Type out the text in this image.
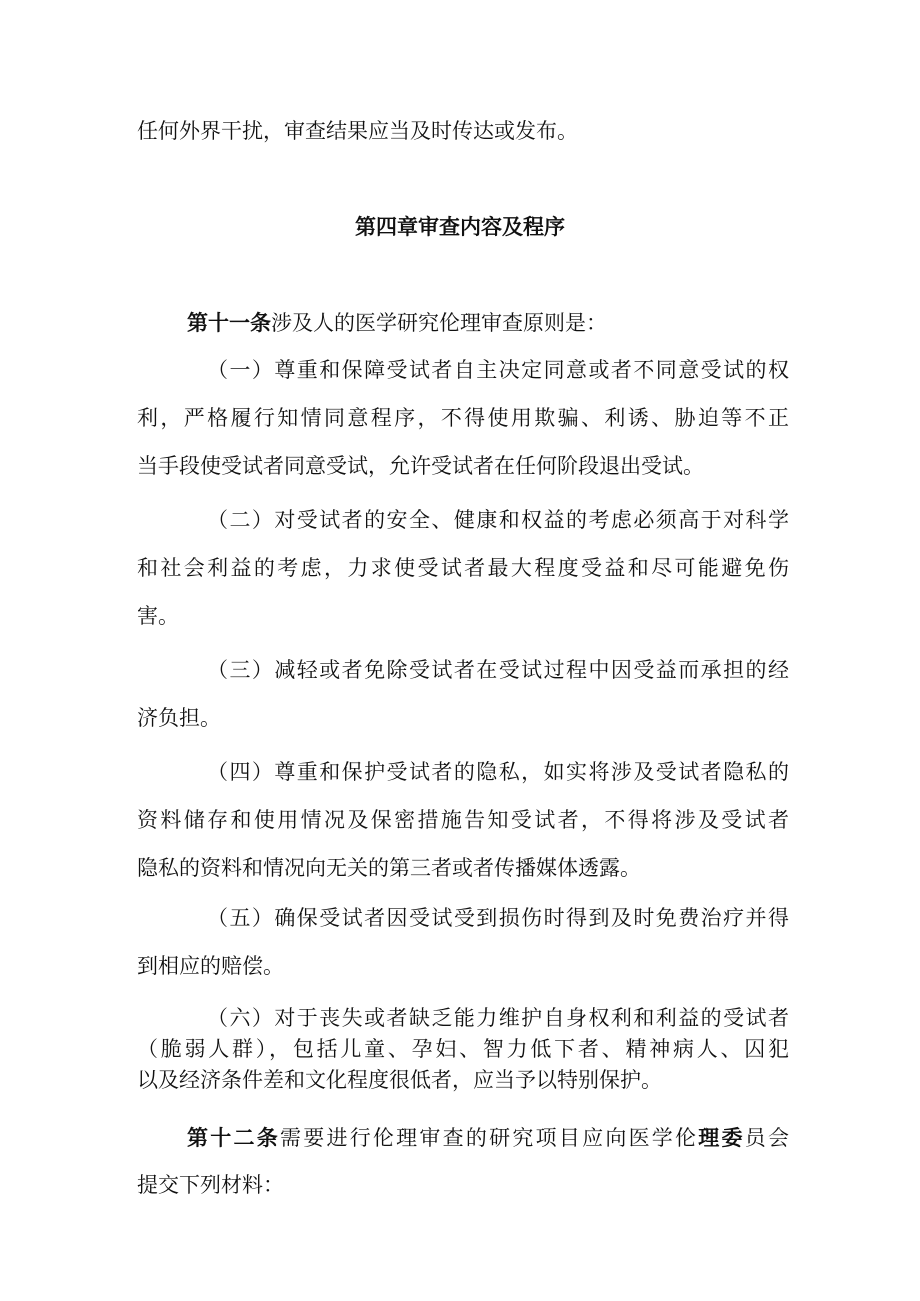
任何外界干扰，审查结果应当及时传达或发布。
第四章审查内容及程序
第十一条涉及人的医学研究伦理审查原则是：
（一）尊重和保障受试者自主决定同意或者不同意受试的权
利，严格履行知情同意程序，不得使用欺骗、利诱、胁迫等不正
当手段使受试者同意受试，允许受试者在任何阶段退出受试。
（二）对受试者的安全、健康和权益的考虑必须高于对科学
和社会利益的考虑，力求使受试者最大程度受益和尽可能避免伤
害。
（三）减轻或者免除受试者在受试过程中因受益而承担的经
济负担。
（四）尊重和保护受试者的隐私，如实将涉及受试者隐私的
资料储存和使用情况及保密措施告知受试者，不得将涉及受试者
隐私的资料和情况向无关的第三者或者传播媒体透露。
（五）确保受试者因受试受到损伤时得到及时免费治疗并得
到相应的赔偿。
（六）对于丧失或者缺乏能力维护自身权利和利益的受试者
（脆弱人群），包括儿童、孕妇、智力低下者、精神病人、囚犯
以及经济条件差和文化程度很低者，应当予以特别保护。
第十二条需要进行伦理审查的研究项目应向医学伦理委员会
提交下列材料：
